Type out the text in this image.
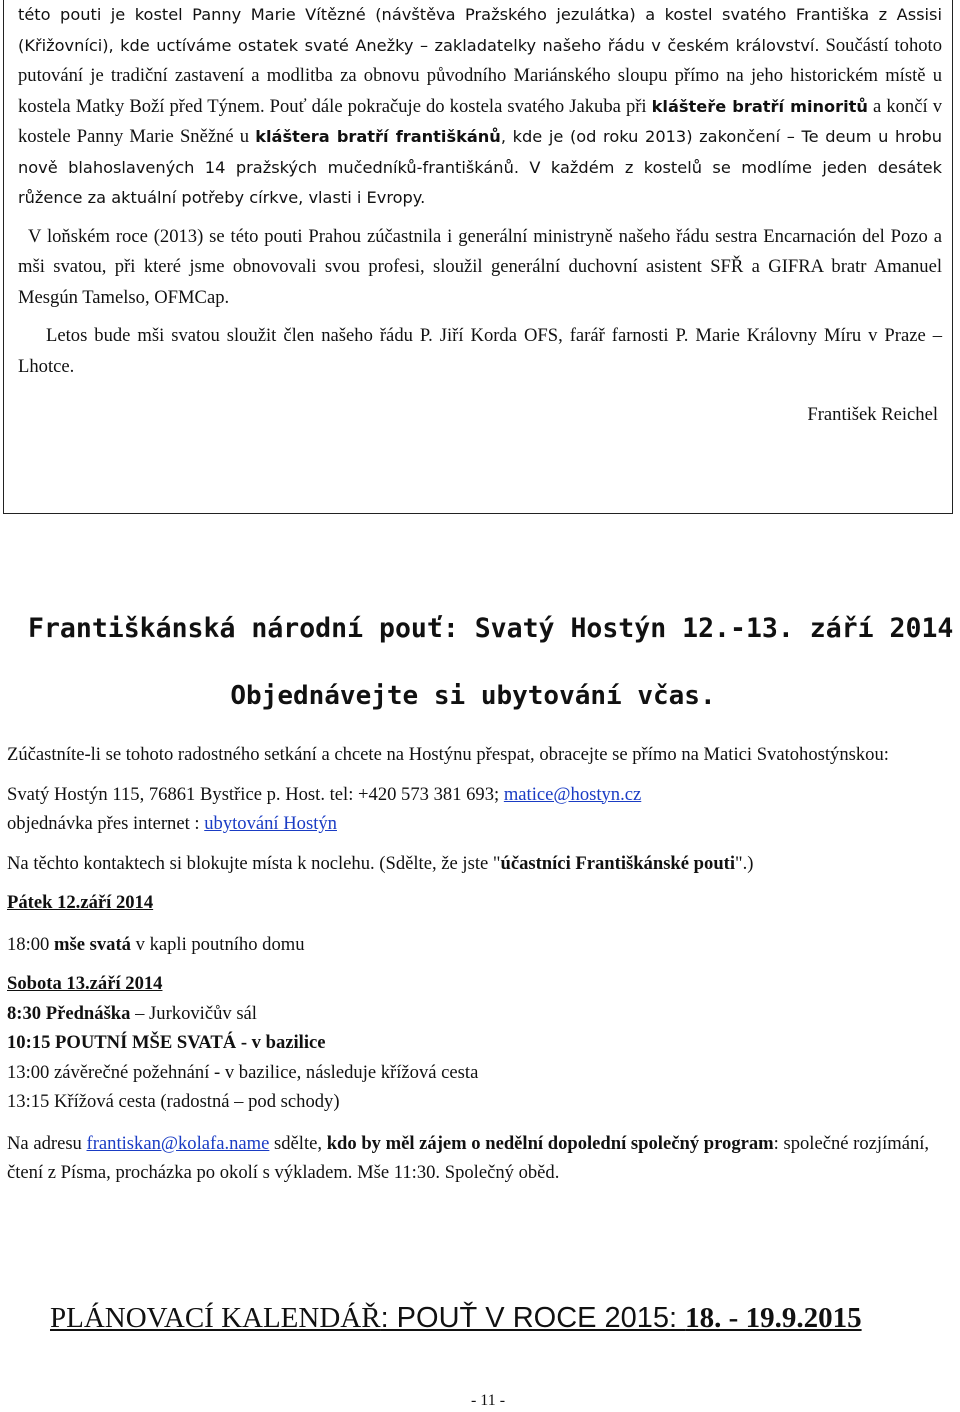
této pouti je kostel Panny Marie Vítězné (návštěva Pražského jezulátka) a kostel svatého Františka z Assisi (Křižovníci), kde uctíváme ostatek svaté Anežky – zakladatelky našeho řádu v českém království. Součástí tohoto putování je tradiční zastavení a modlitba za obnovu původního Mariánského sloupu přímo na jeho historickém místě u kostela Matky Boží před Týnem. Pouť dále pokračuje do kostela svatého Jakuba při klášteře bratří minoritů a končí v kostele Panny Marie Sněžné u kláštera bratří františkánů, kde je (od roku 2013) zakončení – Te deum u hrobu nově blahoslavených 14 pražských mučedníků-františkánů. V každém z kostelů se modlíme jeden desátek růžence za aktuální potřeby církve, vlasti i Evropy.

V loňském roce (2013) se této pouti Prahou zúčastnila i generální ministryně našeho řádu sestra Encarnación del Pozo a mši svatou, při které jsme obnovovali svou profesi, sloužil generální duchovní asistent SFŘ a GIFRA bratr Amanuel Mesgún Tamelso, OFMCap.

Letos bude mši svatou sloužit člen našeho řádu P. Jiří Korda OFS, farář farnosti P. Marie Královny Míru v Praze – Lhotce.

František Reichel

Františkánská národní pouť: Svatý Hostýn 12.-13. září 2014
Objednávejte si ubytování včas.

Zúčastníte-li se tohoto radostného setkání a chcete na Hostýnu přespat, obracejte se přímo na Matici Svatohostýnskou:

Svatý Hostýn 115, 76861 Bystřice p. Host. tel: +420 573 381 693; matice@hostyn.cz

objednávka přes internet : ubytování Hostýn

Na těchto kontaktech si blokujte místa k noclehu. (Sdělte, že jste "účastníci Františkánské pouti".)

Pátek 12.září 2014

18:00 mše svatá v kapli poutního domu

Sobota 13.září 2014

8:30 Přednáška – Jurkovičův sál

10:15 POUTNÍ MŠE SVATÁ - v bazilice

13:00 závěrečné požehnání - v bazilice, následuje křížová cesta

13:15 Křížová cesta (radostná – pod schody)

Na adresu frantiskan@kolafa.name sdělte, kdo by měl zájem o nedělní dopolední společný program: společné rozjímání, čtení z Písma, procházka po okolí s výkladem. Mše 11:30. Společný oběd.

PLÁNOVACÍ KALENDÁŘ: POUŤ V ROCE 2015: 18. - 19.9.2015
- 11 -
